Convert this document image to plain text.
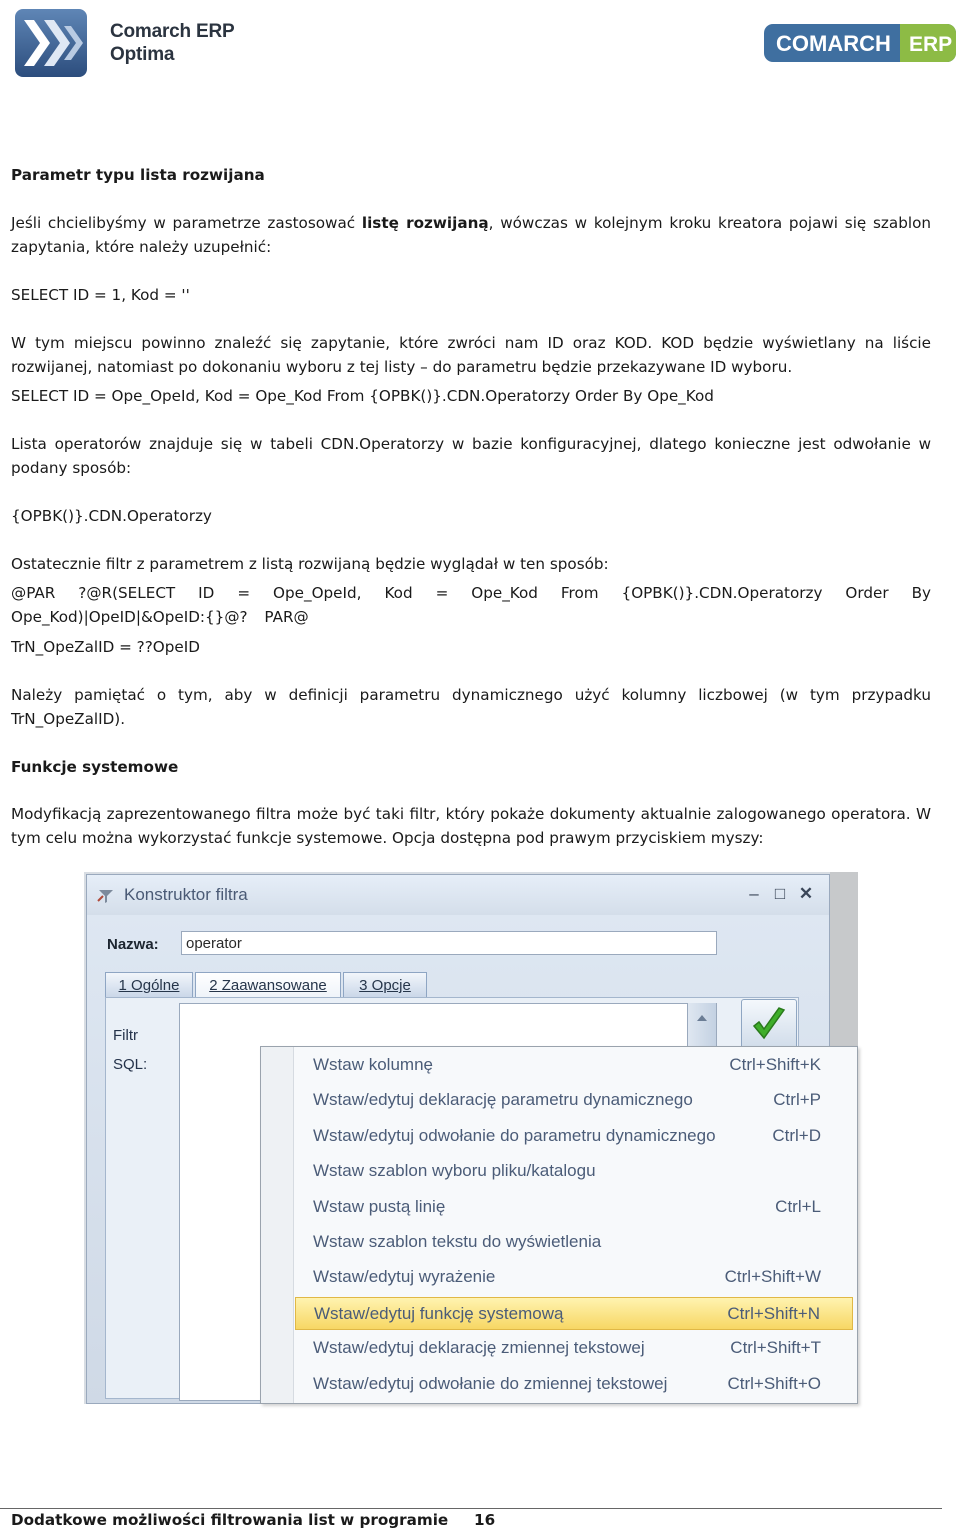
Comarch ERP
Optima	COMARCH ERP
Parametr typu lista rozwijana
Jeśli chcielibyśmy w parametrze zastosować listę rozwijaną, wówczas w kolejnym kroku kreatora pojawi się szablon zapytania, które należy uzupełnić:
SELECT ID = 1, Kod = ''
W tym miejscu powinno znaleźć się zapytanie, które zwróci nam ID oraz KOD. KOD będzie wyświetlany na liście rozwijanej, natomiast po dokonaniu wyboru z tej listy – do parametru będzie przekazywane ID wyboru.
SELECT ID = Ope_OpeId, Kod = Ope_Kod From {OPBK()}.CDN.Operatorzy Order By Ope_Kod
Lista operatorów znajduje się w tabeli CDN.Operatorzy w bazie konfiguracyjnej, dlatego konieczne jest odwołanie w podany sposób:
{OPBK()}.CDN.Operatorzy
Ostatecznie filtr z parametrem z listą rozwijaną będzie wyglądał w ten sposób:
@PAR ?@R(SELECT ID = Ope_OpeId, Kod = Ope_Kod From {OPBK()}.CDN.Operatorzy Order By Ope_Kod)|OpeID|&OpeID:{}@? PAR@
TrN_OpeZalID = ??OpeID
Należy pamiętać o tym, aby w definicji parametru dynamicznego użyć kolumny liczbowej (w tym przypadku TrN_OpeZalID).
Funkcje systemowe
Modyfikacją zaprezentowanego filtra może być taki filtr, który pokaże dokumenty aktualnie zalogowanego operatora. W tym celu można wykorzystać funkcje systemowe. Opcja dostępna pod prawym przyciskiem myszy:
Konstruktor filtra	– □ ✕
Nazwa:	operator
1 Ogólne	2 Zaawansowane	3 Opcje
Filtr
SQL:	Wstaw kolumnę	Ctrl+Shift+K
Wstaw/edytuj deklarację parametru dynamicznego	Ctrl+P
Wstaw/edytuj odwołanie do parametru dynamicznego	Ctrl+D
Wstaw szablon wyboru pliku/katalogu
Wstaw pustą linię	Ctrl+L
Wstaw szablon tekstu do wyświetlenia
Wstaw/edytuj wyrażenie	Ctrl+Shift+W
Wstaw/edytuj funkcję systemową	Ctrl+Shift+N
Wstaw/edytuj deklarację zmiennej tekstowej	Ctrl+Shift+T
Wstaw/edytuj odwołanie do zmiennej tekstowej	Ctrl+Shift+O
Dodatkowe możliwości filtrowania list w programie 16
